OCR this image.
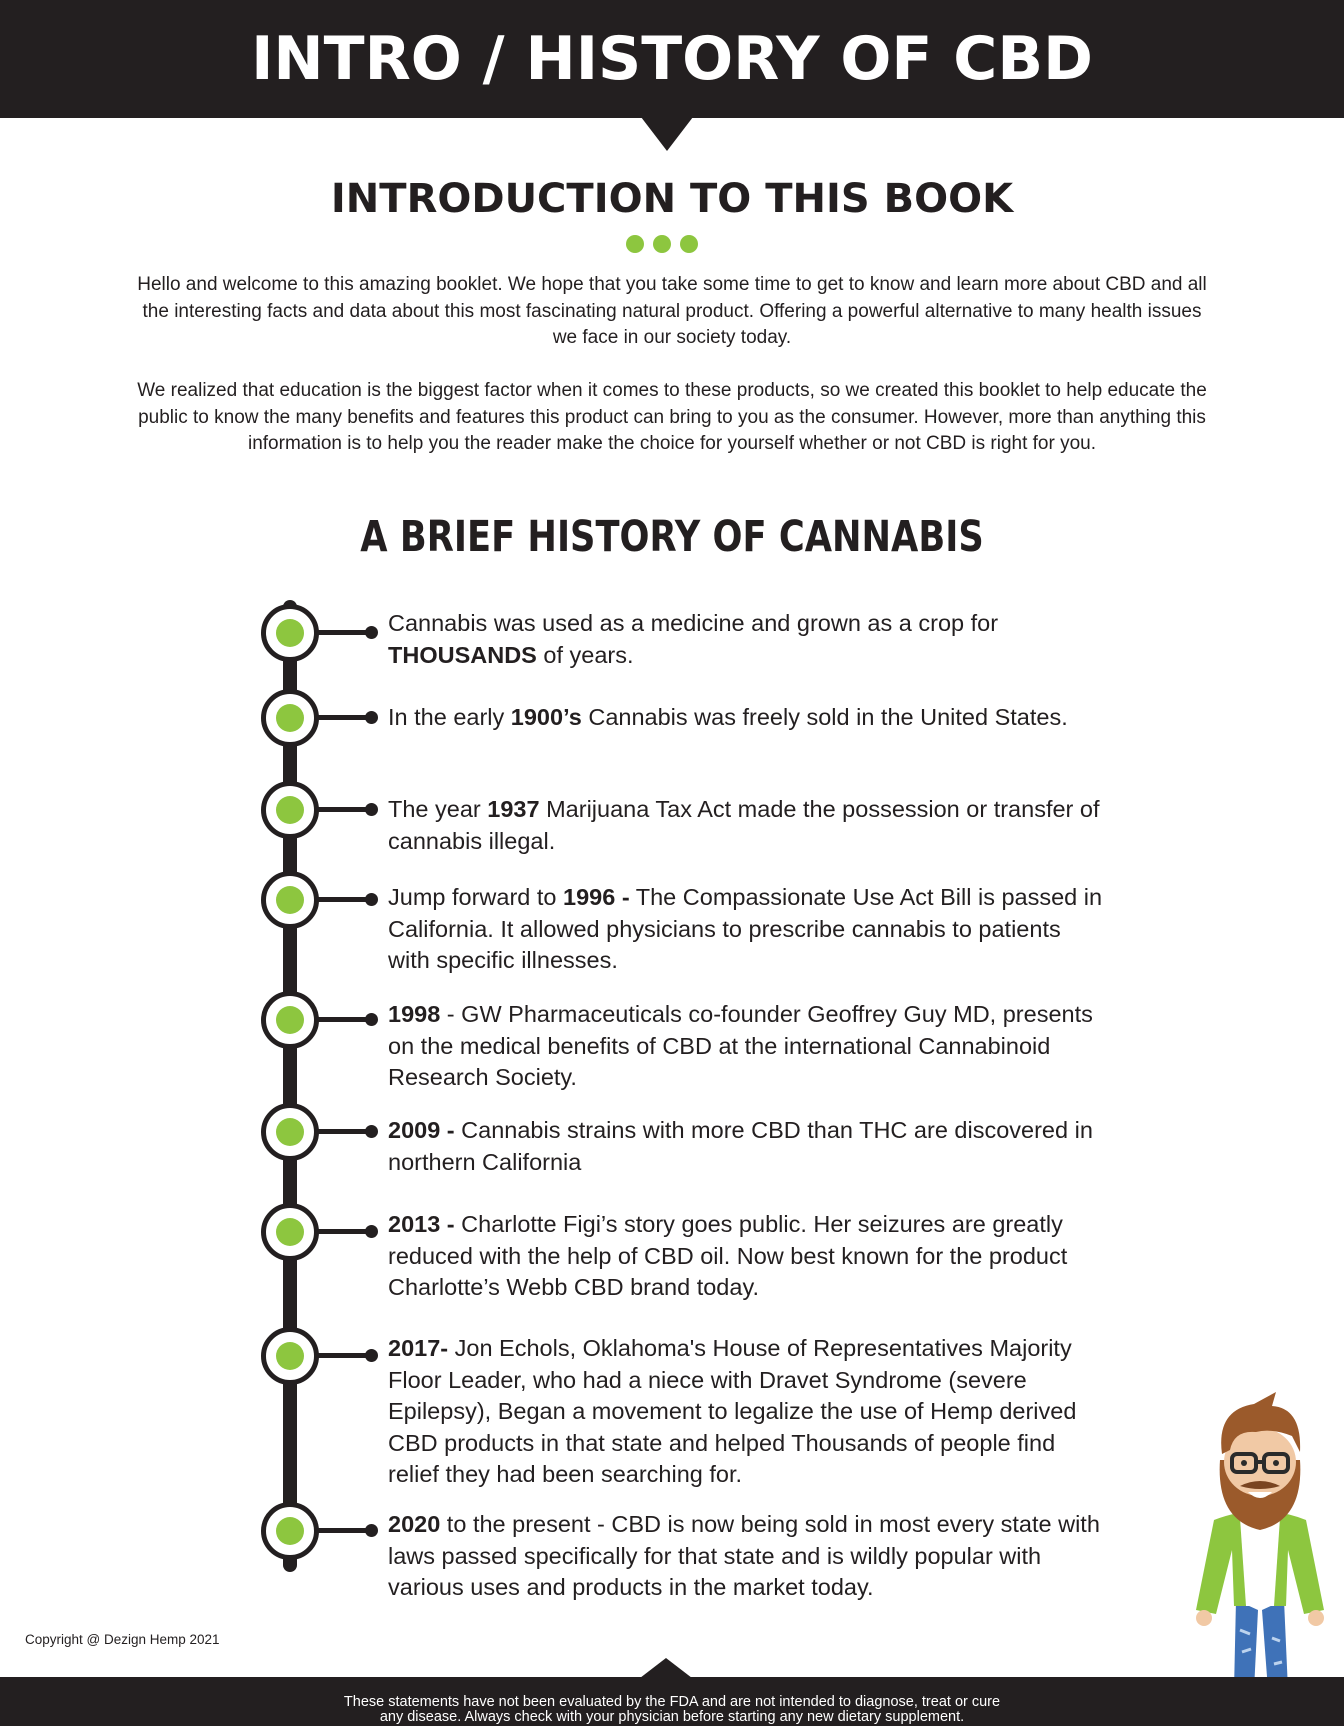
INTRO / HISTORY OF CBD
INTRODUCTION TO THIS BOOK

Hello and welcome to this amazing booklet. We hope that you take some time to get to know and learn more about CBD and all the interesting facts and data about this most fascinating natural product. Offering a powerful alternative to many health issues we face in our society today.

We realized that education is the biggest factor when it comes to these products, so we created this booklet to help educate the public to know the many benefits and features this product can bring to you as the consumer. However, more than anything this information is to help you the reader make the choice for yourself whether or not CBD is right for you.

A BRIEF HISTORY OF CANNABIS

Cannabis was used as a medicine and grown as a crop for THOUSANDS of years.

In the early 1900’s Cannabis was freely sold in the United States.

The year 1937 Marijuana Tax Act made the possession or transfer of cannabis illegal.

Jump forward to 1996 - The Compassionate Use Act Bill is passed in California. It allowed physicians to prescribe cannabis to patients with specific illnesses.

1998 - GW Pharmaceuticals co-founder Geoffrey Guy MD, presents on the medical benefits of CBD at the international Cannabinoid Research Society.

2009 - Cannabis strains with more CBD than THC are discovered in northern California

2013 - Charlotte Figi’s story goes public. Her seizures are greatly reduced with the help of CBD oil. Now best known for the product Charlotte’s Webb CBD brand today.

2017- Jon Echols, Oklahoma's House of Representatives Majority Floor Leader, who had a niece with Dravet Syndrome (severe Epilepsy), Began a movement to legalize the use of Hemp derived CBD products in that state and helped Thousands of people find relief they had been searching for.

2020 to the present - CBD is now being sold in most every state with laws passed specifically for that state and is wildly popular with various uses and products in the market today.

Copyright @ Dezign Hemp 2021
These statements have not been evaluated by the FDA and are not intended to diagnose, treat or cure
any disease. Always check with your physician before starting any new dietary supplement.
